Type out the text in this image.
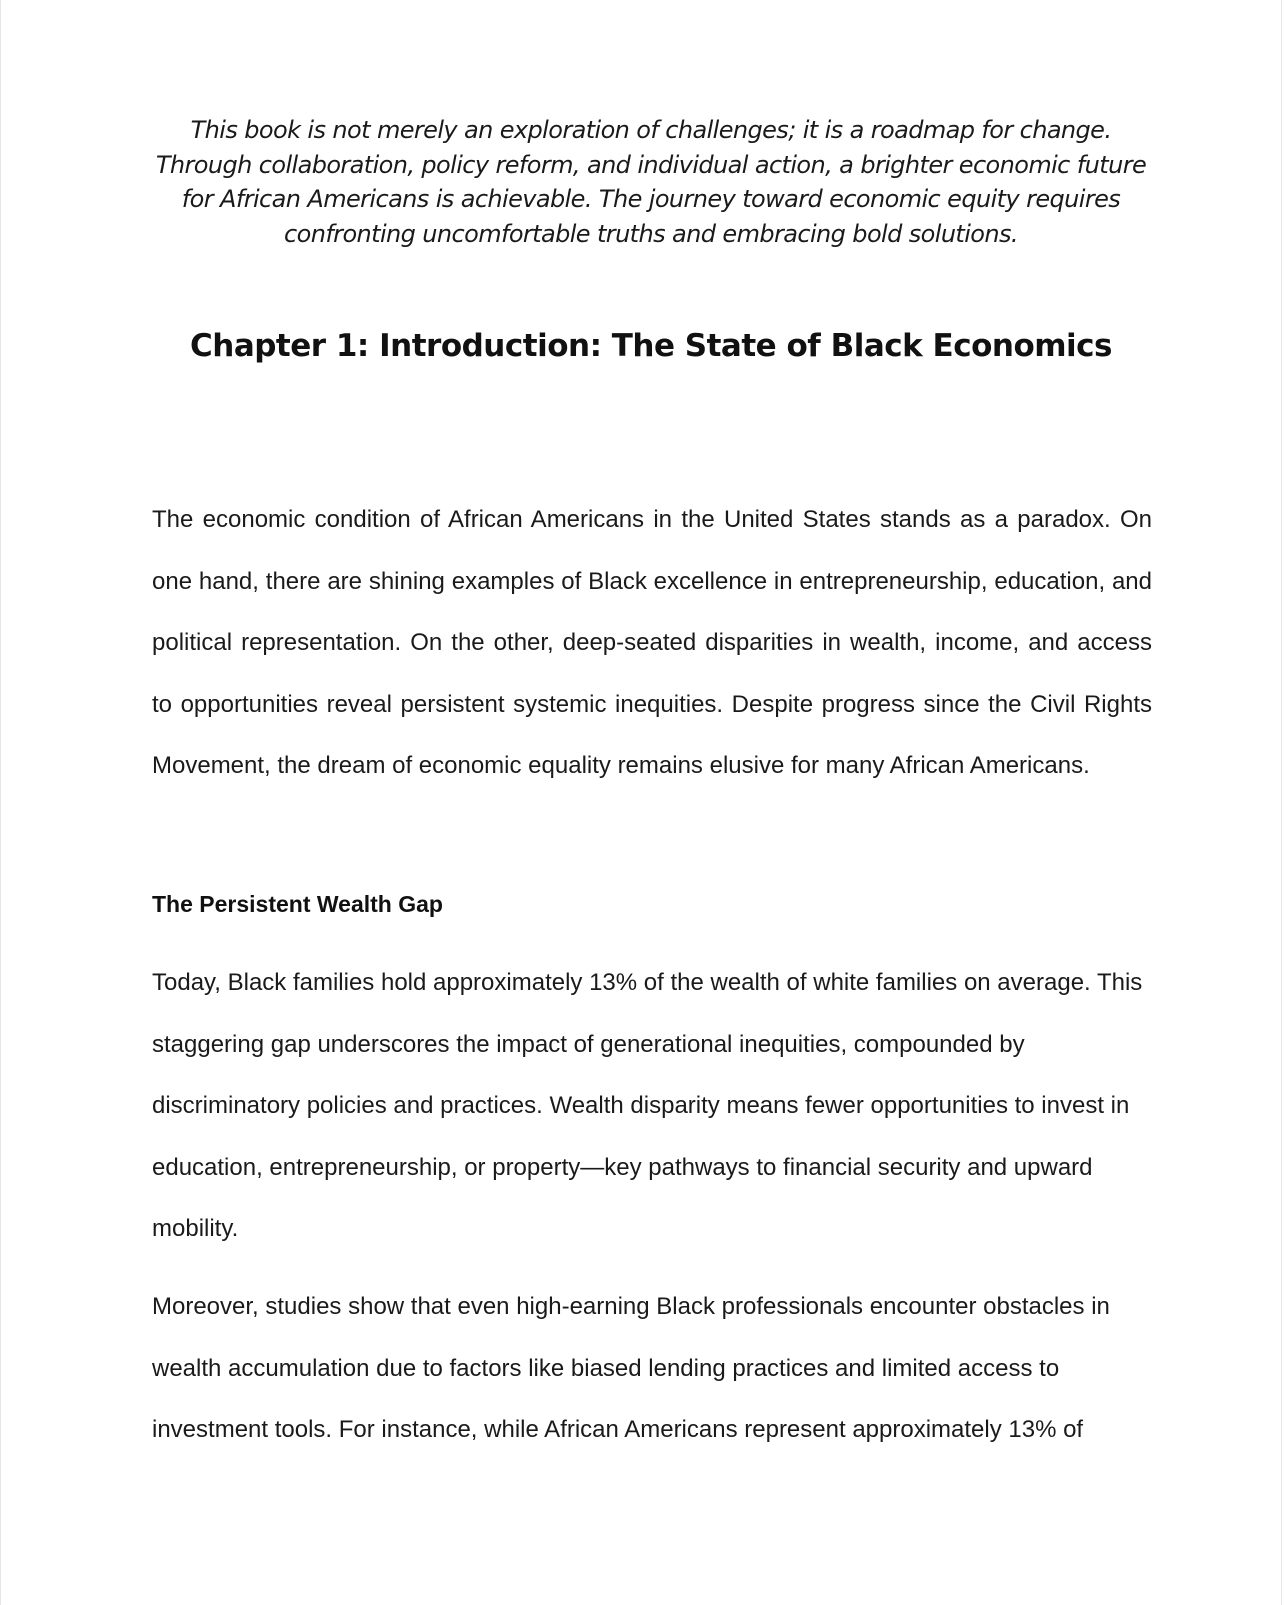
This book is not merely an exploration of challenges; it is a roadmap for change. Through collaboration, policy reform, and individual action, a brighter economic future for African Americans is achievable. The journey toward economic equity requires confronting uncomfortable truths and embracing bold solutions.

Chapter 1: Introduction: The State of Black Economics

The economic condition of African Americans in the United States stands as a paradox. On one hand, there are shining examples of Black excellence in entrepreneurship, education, and political representation. On the other, deep-seated disparities in wealth, income, and access to opportunities reveal persistent systemic inequities. Despite progress since the Civil Rights Movement, the dream of economic equality remains elusive for many African Americans.

The Persistent Wealth Gap

Today, Black families hold approximately 13% of the wealth of white families on average. This staggering gap underscores the impact of generational inequities, compounded by discriminatory policies and practices. Wealth disparity means fewer opportunities to invest in education, entrepreneurship, or property—key pathways to financial security and upward mobility.

Moreover, studies show that even high-earning Black professionals encounter obstacles in wealth accumulation due to factors like biased lending practices and limited access to investment tools. For instance, while African Americans represent approximately 13% of
